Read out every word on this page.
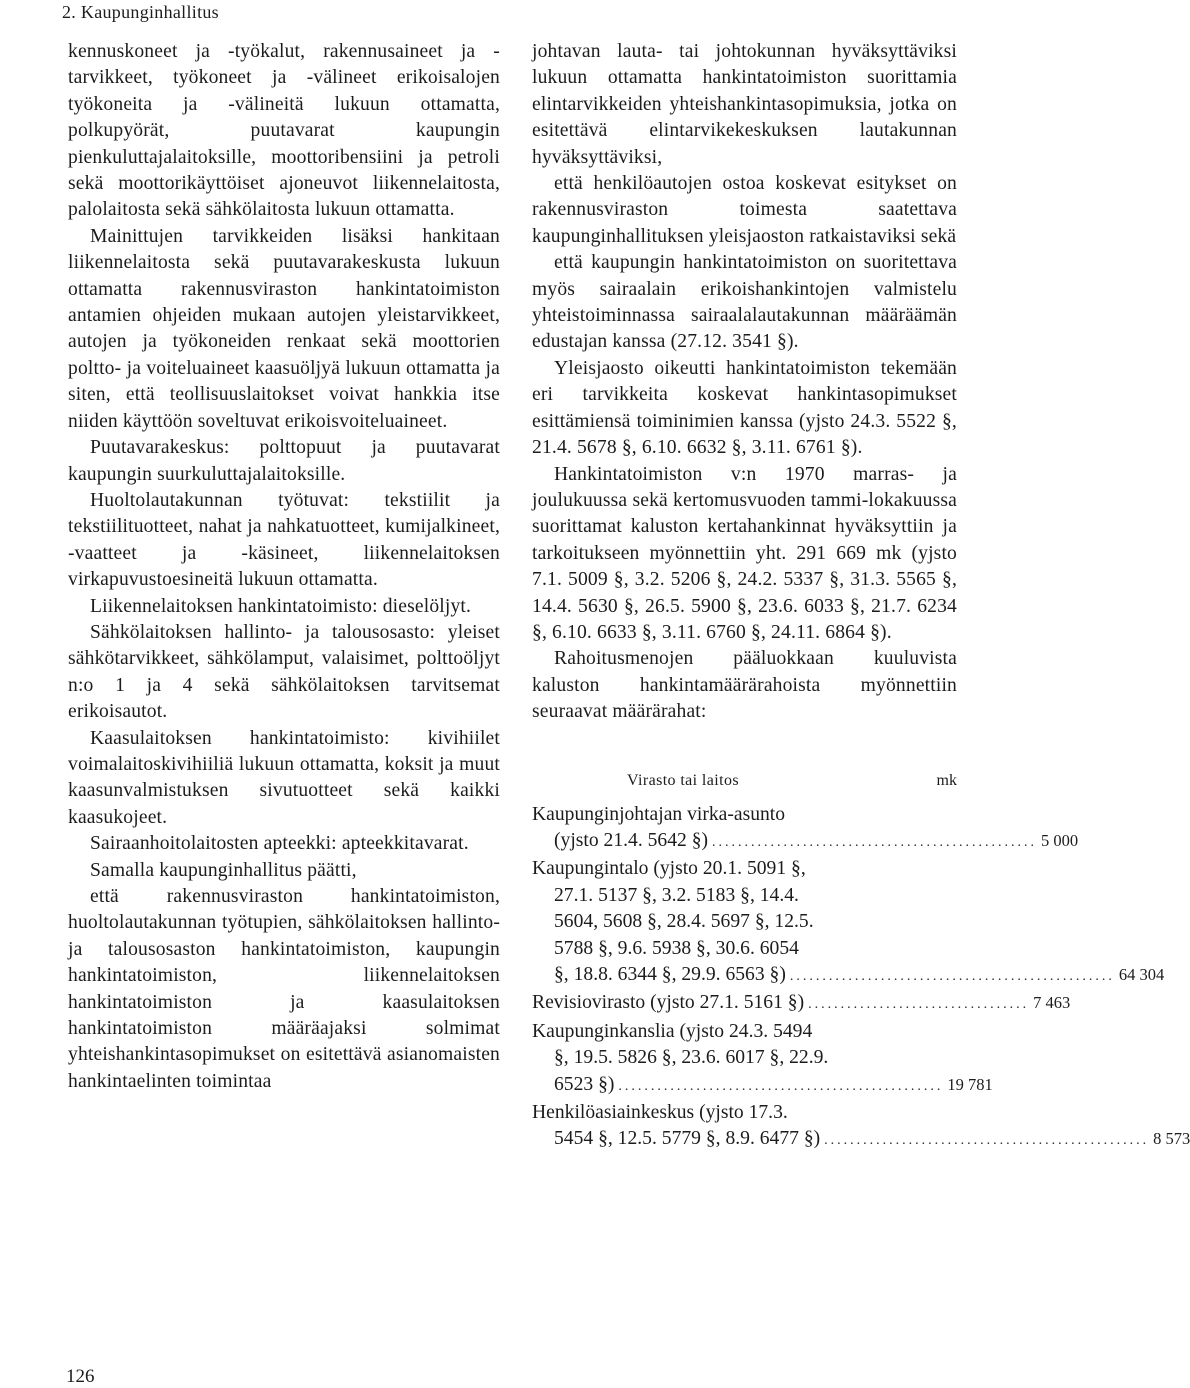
2. Kaupunginhallitus

kennuskoneet ja -työkalut, rakennusaineet ja -tarvikkeet, työkoneet ja -välineet erikoisalojen työkoneita ja -välineitä lukuun ottamatta, polkupyörät, puutavarat kaupungin pienkuluttajalaitoksille, moottoribensiini ja petroli sekä moottorikäyttöiset ajoneuvot liikennelaitosta, palolaitosta sekä sähkölaitosta lukuun ottamatta.

Mainittujen tarvikkeiden lisäksi hankitaan liikennelaitosta sekä puutavarakeskusta lukuun ottamatta rakennusviraston hankintatoimiston antamien ohjeiden mukaan autojen yleistarvikkeet, autojen ja työkoneiden renkaat sekä moottorien poltto- ja voiteluaineet kaasuöljyä lukuun ottamatta ja siten, että teollisuuslaitokset voivat hankkia itse niiden käyttöön soveltuvat erikoisvoiteluaineet.

Puutavarakeskus: polttopuut ja puutavarat kaupungin suurkuluttajalaitoksille.

Huoltolautakunnan työtuvat: tekstiilit ja tekstiilituotteet, nahat ja nahkatuotteet, kumijalkineet, -vaatteet ja -käsineet, liikennelaitoksen virkapuvustoesineitä lukuun ottamatta.

Liikennelaitoksen hankintatoimisto: dieselöljyt.

Sähkölaitoksen hallinto- ja talousosasto: yleiset sähkötarvikkeet, sähkölamput, valaisimet, polttoöljyt n:o 1 ja 4 sekä sähkölaitoksen tarvitsemat erikoisautot.

Kaasulaitoksen hankintatoimisto: kivihiilet voimalaitoskivihiiliä lukuun ottamatta, koksit ja muut kaasunvalmistuksen sivutuotteet sekä kaikki kaasukojeet.

Sairaanhoitolaitosten apteekki: apteekkitavarat.

Samalla kaupunginhallitus päätti,

että rakennusviraston hankintatoimiston, huoltolautakunnan työtupien, sähkölaitoksen hallinto- ja talousosaston hankintatoimiston, kaupungin hankintatoimiston, liikennelaitoksen hankintatoimiston ja kaasulaitoksen hankintatoimiston määräajaksi solmimat yhteishankintasopimukset on esitettävä asianomaisten hankintaelinten toimintaa

johtavan lauta- tai johtokunnan hyväksyttäviksi lukuun ottamatta hankintatoimiston suorittamia elintarvikkeiden yhteishankintasopimuksia, jotka on esitettävä elintarvikekeskuksen lautakunnan hyväksyttäviksi,

että henkilöautojen ostoa koskevat esitykset on rakennusviraston toimesta saatettava kaupunginhallituksen yleisjaoston ratkaistaviksi sekä

että kaupungin hankintatoimiston on suoritettava myös sairaalain erikoishankintojen valmistelu yhteistoiminnassa sairaalalautakunnan määräämän edustajan kanssa (27.12. 3541 §).

Yleisjaosto oikeutti hankintatoimiston tekemään eri tarvikkeita koskevat hankintasopimukset esittämiensä toiminimien kanssa (yjsto 24.3. 5522 §, 21.4. 5678 §, 6.10. 6632 §, 3.11. 6761 §).

Hankintatoimiston v:n 1970 marras- ja joulukuussa sekä kertomusvuoden tammi-lokakuussa suorittamat kaluston kertahankinnat hyväksyttiin ja tarkoitukseen myönnettiin yht. 291 669 mk (yjsto 7.1. 5009 §, 3.2. 5206 §, 24.2. 5337 §, 31.3. 5565 §, 14.4. 5630 §, 26.5. 5900 §, 23.6. 6033 §, 21.7. 6234 §, 6.10. 6633 §, 3.11. 6760 §, 24.11. 6864 §).

Rahoitusmenojen pääluokkaan kuuluvista kaluston hankintamäärärahoista myönnettiin seuraavat määrärahat:

Virasto tai laitos	mk
Kaupunginjohtajan virka-asunto
(yjsto 21.4. 5642 §) .................................................. 5 000
Kaupungintalo (yjsto 20.1. 5091 §,
27.1. 5137 §, 3.2. 5183 §, 14.4.
5604, 5608 §, 28.4. 5697 §, 12.5.
5788 §, 9.6. 5938 §, 30.6. 6054
§, 18.8. 6344 §, 29.9. 6563 §) .................................................. 64 304
Revisiovirasto (yjsto 27.1. 5161 §) .................................. 7 463
Kaupunginkanslia (yjsto 24.3. 5494
§, 19.5. 5826 §, 23.6. 6017 §, 22.9.
6523 §) .................................................. 19 781
Henkilöasiainkeskus (yjsto 17.3.
5454 §, 12.5. 5779 §, 8.9. 6477 §) .................................................. 8 573
126
